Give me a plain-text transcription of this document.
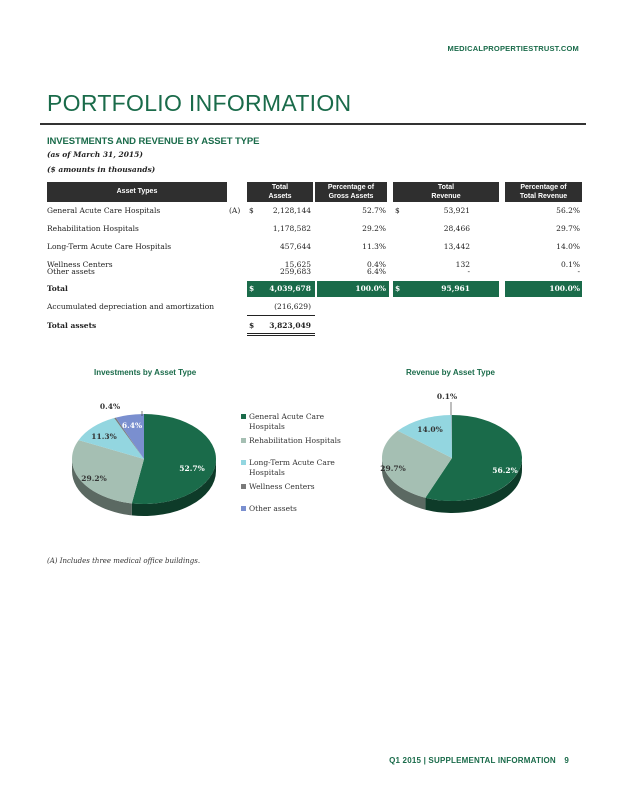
MEDICALPROPERTIESTRUST.COM
PORTFOLIO INFORMATION
INVESTMENTS AND REVENUE BY ASSET TYPE
(as of March 31, 2015)
($ amounts in thousands)
Asset Types
Total
Assets
Percentage of
Gross Assets
Total
Revenue
Percentage of
Total Revenue
General Acute Care Hospitals	(A) $	2,128,144	52.7% $	53,921	56.2%
Rehabilitation Hospitals	1,178,582	29.2%	28,466	29.7%
Long-Term Acute Care Hospitals	457,644	11.3%	13,442	14.0%
Wellness Centers	15,625	0.4%	132	0.1%
Other assets	259,683	6.4%	-	-
Total	$ 4,039,678	100.0% $	95,961	100.0%
Accumulated depreciation and amortization	(216,629)
Total assets	$ 3,823,049
Investments by Asset Type	Revenue by Asset Type
52.7%
29.2%
11.3%
0.4%
6.4%
56.2%
29.7%
14.0%
0.1%
General Acute Care Hospitals
Rehabilitation Hospitals
Long-Term Acute Care Hospitals
Wellness Centers
Other assets
(A) Includes three medical office buildings.
Q1 2015 | SUPPLEMENTAL INFORMATION 9
